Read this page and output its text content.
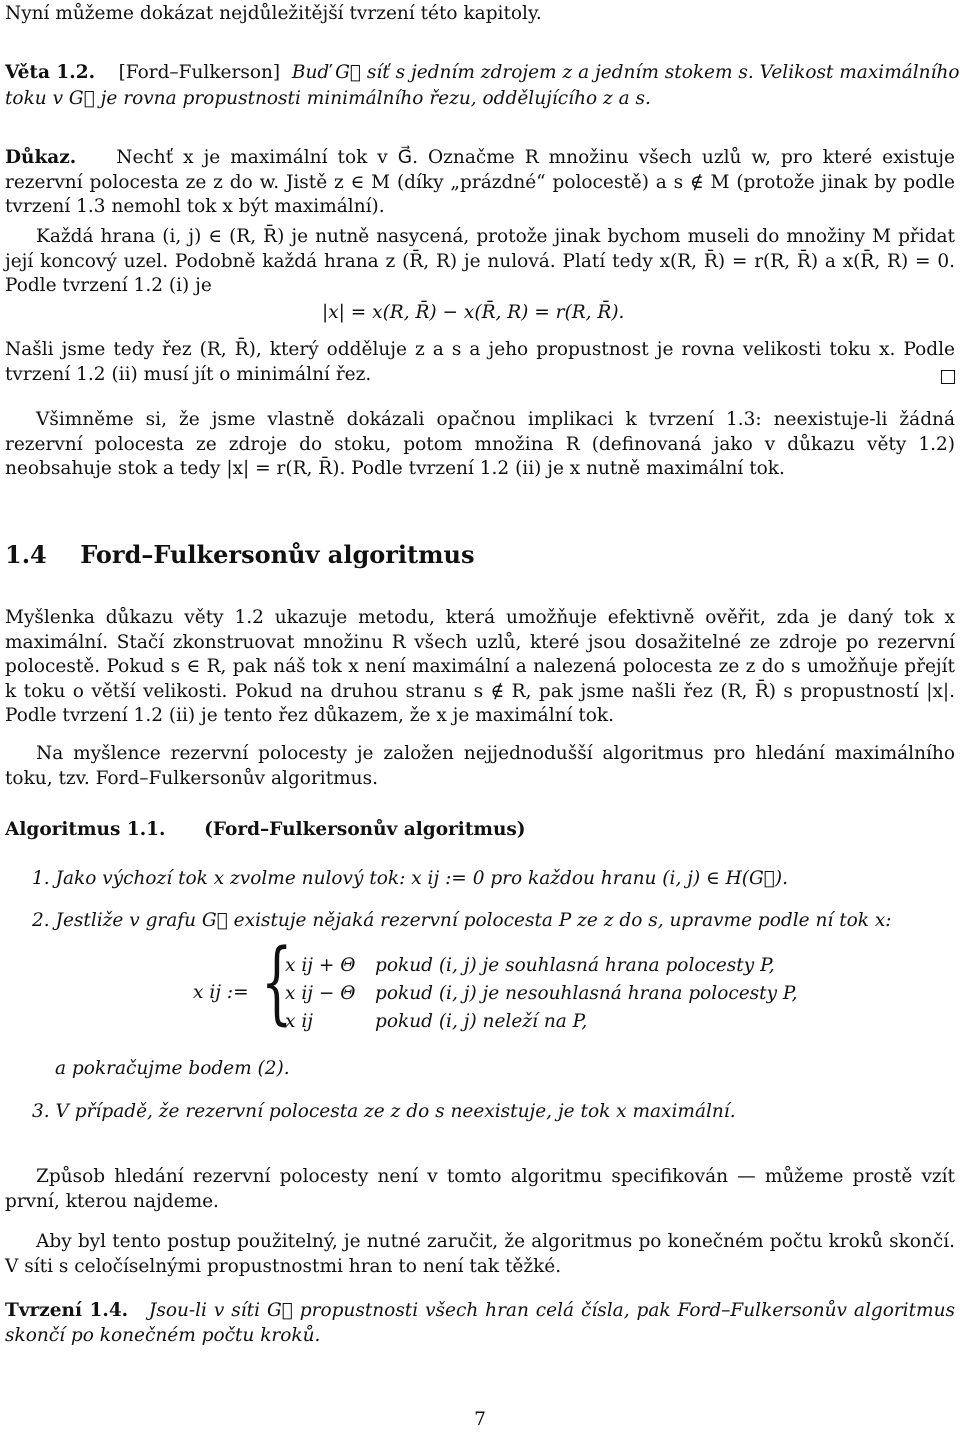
Nyní můžeme dokázat nejdůležitější tvrzení této kapitoly.
Věta 1.2. [Ford–Fulkerson] Buď G⃗ síť s jedním zdrojem z a jedním stokem s. Velikost maximálního
toku v G⃗ je rovna propustnosti minimálního řezu, oddělujícího z a s.

Důkaz. Nechť x je maximální tok v G⃗. Označme R množinu všech uzlů w, pro které existuje rezervní polocesta ze z do w. Jistě z ∈ M (díky „prázdné“ polocestě) a s ∉ M (protože jinak by podle tvrzení 1.3 nemohl tok x být maximální).

Každá hrana (i, j) ∈ (R, R̄) je nutně nasycená, protože jinak bychom museli do množiny M přidat její koncový uzel. Podobně každá hrana z (R̄, R) je nulová. Platí tedy x(R, R̄) = r(R, R̄) a x(R̄, R) = 0. Podle tvrzení 1.2 (i) je

|x| = x(R, R̄) − x(R̄, R) = r(R, R̄).

Našli jsme tedy řez (R, R̄), který odděluje z a s a jeho propustnost je rovna velikosti toku x. Podle tvrzení 1.2 (ii) musí jít o minimální řez.

Všimněme si, že jsme vlastně dokázali opačnou implikaci k tvrzení 1.3: neexistuje-li žádná rezervní polocesta ze zdroje do stoku, potom množina R (definovaná jako v důkazu věty 1.2) neobsahuje stok a tedy |x| = r(R, R̄). Podle tvrzení 1.2 (ii) je x nutně maximální tok.

1.4 Ford–Fulkersonův algoritmus

Myšlenka důkazu věty 1.2 ukazuje metodu, která umožňuje efektivně ověřit, zda je daný tok x maximální. Stačí zkonstruovat množinu R všech uzlů, které jsou dosažitelné ze zdroje po rezervní polocestě. Pokud s ∈ R, pak náš tok x není maximální a nalezená polocesta ze z do s umožňuje přejít k toku o větší velikosti. Pokud na druhou stranu s ∉ R, pak jsme našli řez (R, R̄) s propustností |x|. Podle tvrzení 1.2 (ii) je tento řez důkazem, že x je maximální tok.

Na myšlence rezervní polocesty je založen nejjednodušší algoritmus pro hledání maximálního toku, tzv. Ford–Fulkersonův algoritmus.

Algoritmus 1.1. (Ford–Fulkersonův algoritmus)
1. Jako výchozí tok x zvolme nulový tok: x ij := 0 pro každou hranu (i, j) ∈ H(G⃗).
2. Jestliže v grafu G⃗ existuje nějaká rezervní polocesta P ze z do s, upravme podle ní tok x:
x ij := {
x ij + Θ pokud (i, j) je souhlasná hrana polocesty P,
x ij − Θ pokud (i, j) je nesouhlasná hrana polocesty P,
x ij	pokud (i, j) neleží na P,
a pokračujme bodem (2).
3. V případě, že rezervní polocesta ze z do s neexistuje, je tok x maximální.

Způsob hledání rezervní polocesty není v tomto algoritmu specifikován — můžeme prostě vzít první, kterou najdeme.

Aby byl tento postup použitelný, je nutné zaručit, že algoritmus po konečném počtu kroků skončí. V síti s celočíselnými propustnostmi hran to není tak těžké.

Tvrzení 1.4. Jsou-li v síti G⃗ propustnosti všech hran celá čísla, pak Ford–Fulkersonův algoritmus skončí po konečném počtu kroků.

7
